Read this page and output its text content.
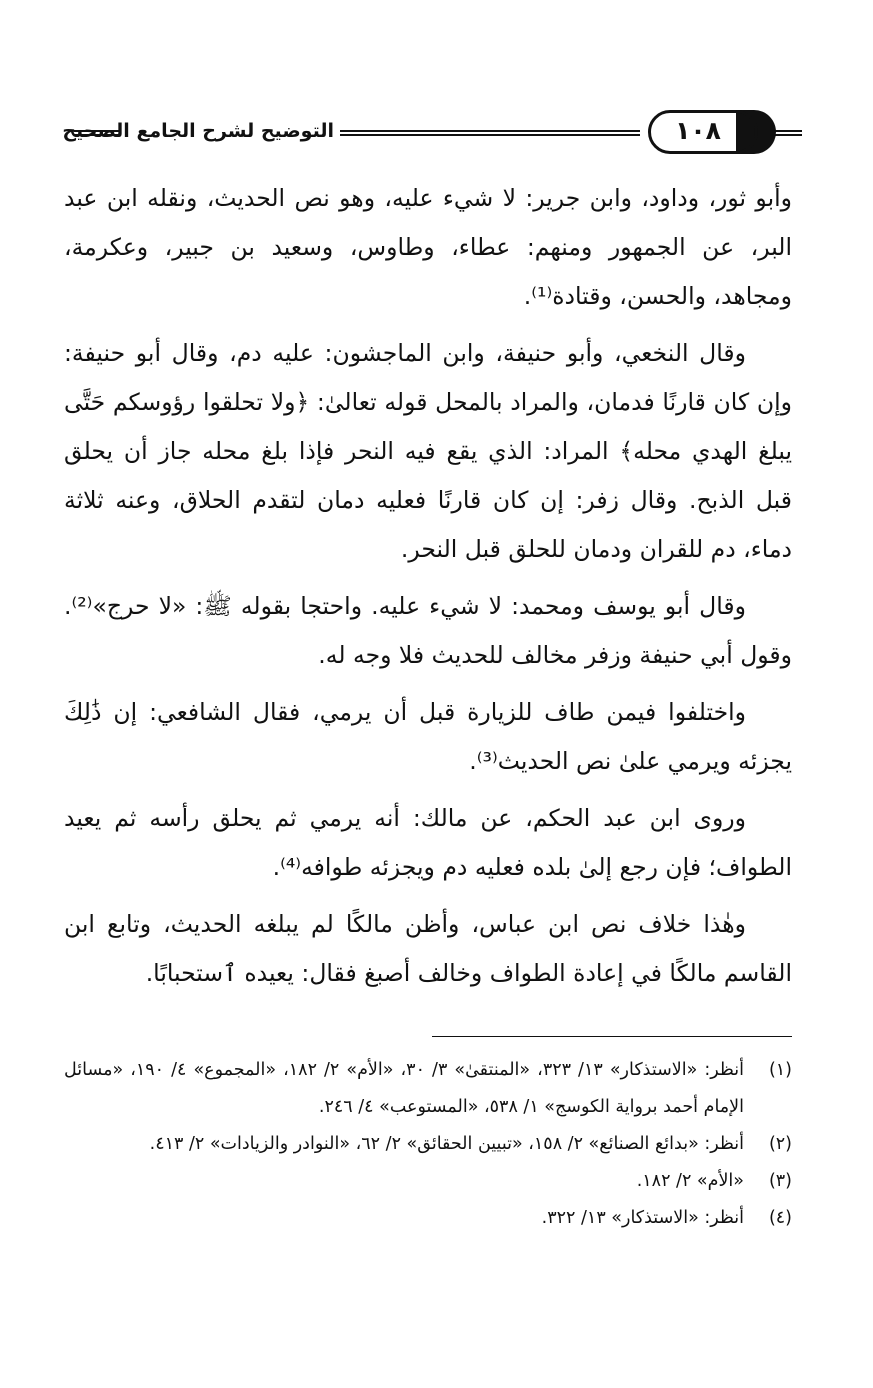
١٠٨
التوضيح لشرح الجامع الصحيح

وأبو ثور، وداود، وابن جرير: لا شيء عليه، وهو نص الحديث، ونقله ابن عبد البر، عن الجمهور ومنهم: عطاء، وطاوس، وسعيد بن جبير، وعكرمة، ومجاهد، والحسن، وقتادة⁽¹⁾.

وقال النخعي، وأبو حنيفة، وابن الماجشون: عليه دم، وقال أبو حنيفة: وإن كان قارنًا فدمان، والمراد بالمحل قوله تعالىٰ: ﴿ولا تحلقوا رؤوسكم حَتَّى يبلغ الهدي محله﴾ المراد: الذي يقع فيه النحر فإذا بلغ محله جاز أن يحلق قبل الذبح. وقال زفر: إن كان قارنًا فعليه دمان لتقدم الحلاق، وعنه ثلاثة دماء، دم للقران ودمان للحلق قبل النحر.

وقال أبو يوسف ومحمد: لا شيء عليه. واحتجا بقوله ﷺ: «لا حرج»⁽²⁾. وقول أبي حنيفة وزفر مخالف للحديث فلا وجه له.

واختلفوا فيمن طاف للزيارة قبل أن يرمي، فقال الشافعي: إن ذَٰلِكَ يجزئه ويرمي علىٰ نص الحديث⁽³⁾.

وروى ابن عبد الحكم، عن مالك: أنه يرمي ثم يحلق رأسه ثم يعيد الطواف؛ فإن رجع إلىٰ بلده فعليه دم ويجزئه طوافه⁽⁴⁾.

وهٰذا خلاف نص ابن عباس، وأظن مالكًا لم يبلغه الحديث، وتابع ابن القاسم مالكًا في إعادة الطواف وخالف أصبغ فقال: يعيده ٱستحبابًا.

(١)
أنظر: «الاستذكار» ١٣/ ٣٢٣، «المنتقىٰ» ٣/ ٣٠، «الأم» ٢/ ١٨٢، «المجموع» ٤/ ١٩٠، «مسائل الإمام أحمد برواية الكوسج» ١/ ٥٣٨، «المستوعب» ٤/ ٢٤٦.
(٢)
أنظر: «بدائع الصنائع» ٢/ ١٥٨، «تبيين الحقائق» ٢/ ٦٢، «النوادر والزيادات» ٢/ ٤١٣.
(٣)
«الأم» ٢/ ١٨٢.
(٤)
أنظر: «الاستذكار» ١٣/ ٣٢٢.
